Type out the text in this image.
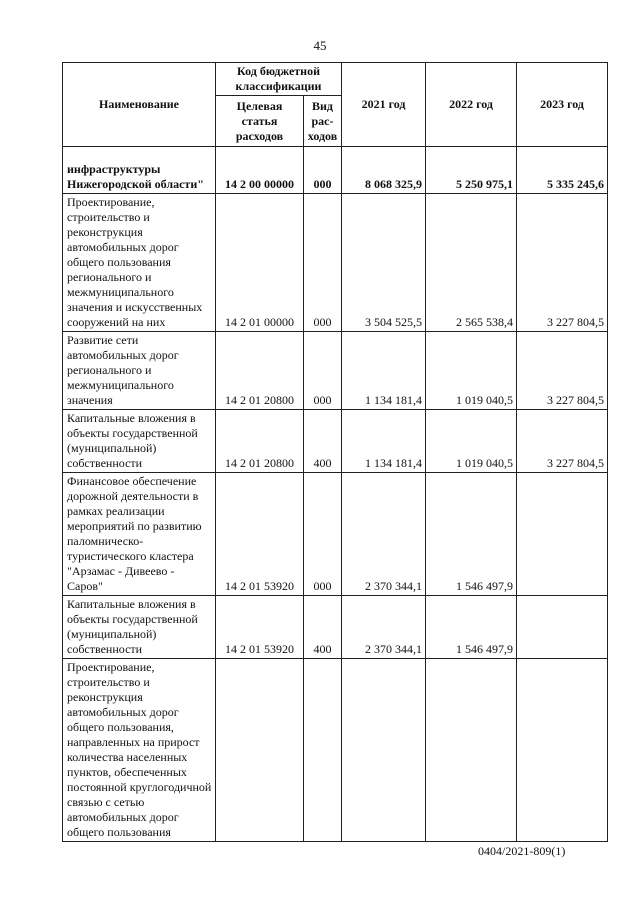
45
Наименование	Код бюджетной классификации		2021 год	2022 год	2023 год
	Целевая статья расходов	Вид рас-ходов			
инфраструктуры Нижегородской области"	14 2 00 00000	000	8 068 325,9	5 250 975,1	5 335 245,6
Проектирование, строительство и реконструкция автомобильных дорог общего пользования регионального и межмуниципального значения и искусственных сооружений на них	14 2 01 00000	000	3 504 525,5	2 565 538,4	3 227 804,5
Развитие сети автомобильных дорог регионального и межмуниципального значения	14 2 01 20800	000	1 134 181,4	1 019 040,5	3 227 804,5
Капитальные вложения в объекты государственной (муниципальной) собственности	14 2 01 20800	400	1 134 181,4	1 019 040,5	3 227 804,5
Финансовое обеспечение дорожной деятельности в рамках реализации мероприятий по развитию паломническо-туристического кластера "Арзамас - Дивеево - Саров"	14 2 01 53920	000	2 370 344,1	1 546 497,9	
Капитальные вложения в объекты государственной (муниципальной) собственности	14 2 01 53920	400	2 370 344,1	1 546 497,9	
Проектирование, строительство и реконструкция автомобильных дорог общего пользования, направленных на прирост количества населенных пунктов, обеспеченных постоянной круглогодичной связью с сетью автомобильных дорог общего пользования					
0404/2021-809(1)
